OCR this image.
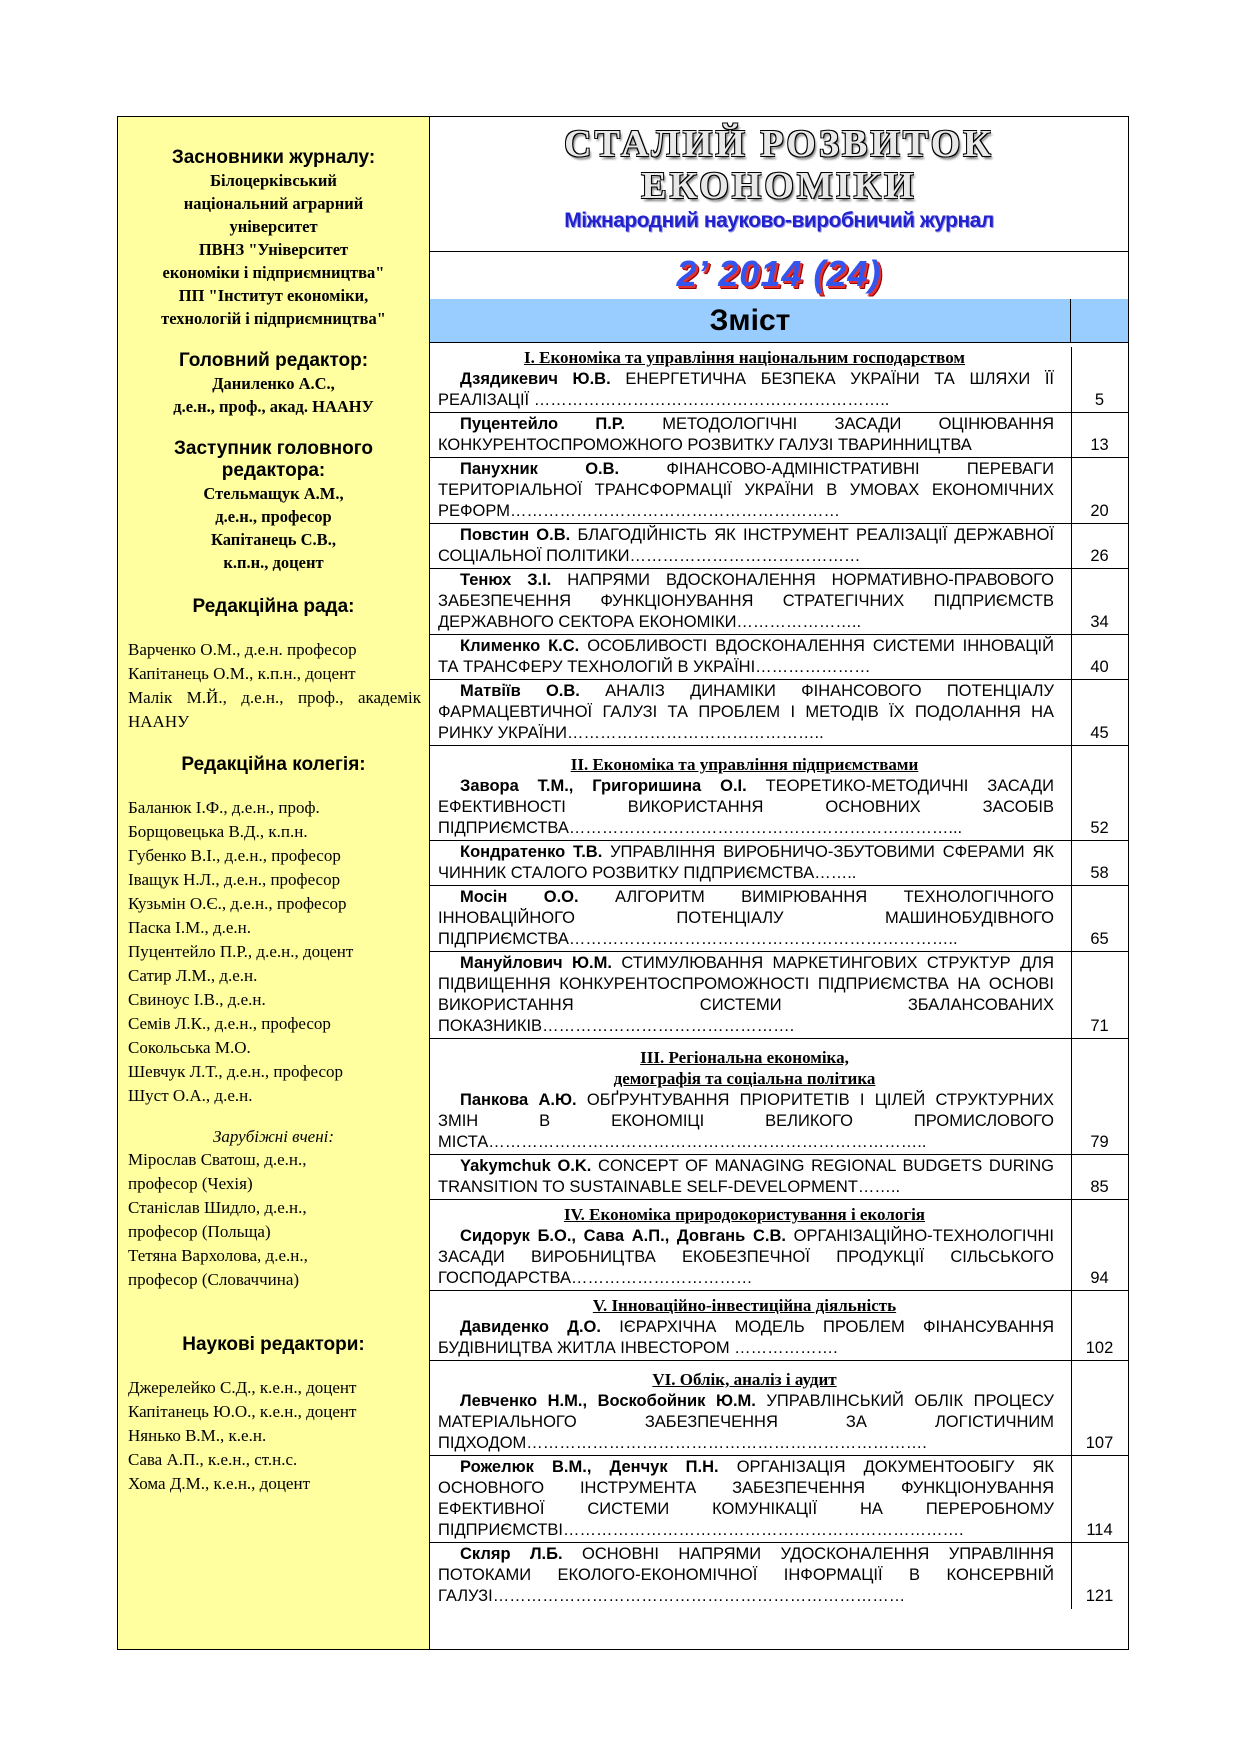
Засновники журналу:
Білоцерківський
національний аграрний
університет
ПВНЗ "Університет
економіки і підприємництва"
ПП "Інститут економіки,
технологій і підприємництва"
Головний редактор:
Даниленко А.С.,
д.е.н., проф., акад. НААНУ
Заступник головного редактора:
Стельмащук А.М.,
д.е.н., професор
Капітанець С.В.,
к.п.н., доцент
Редакційна рада:
Варченко О.М., д.е.н. професор
Капітанець О.М., к.п.н., доцент
Малік М.Й., д.е.н., проф., академік НААНУ
Редакційна колегія:
Баланюк І.Ф., д.е.н., проф.
Борщовецька В.Д., к.п.н.
Губенко В.І., д.е.н., професор
Іващук Н.Л., д.е.н., професор
Кузьмін О.Є., д.е.н., професор
Паска І.М., д.е.н.
Пуцентейло П.Р., д.е.н., доцент
Сатир Л.М., д.е.н.
Свиноус І.В., д.е.н.
Семів Л.К., д.е.н., професор
Сокольська М.О.
Шевчук Л.Т., д.е.н., професор
Шуст О.А., д.е.н.
Зарубіжні вчені:
Міроcлав Сватош, д.е.н.,
професор (Чехія)
Станіслав Шидло, д.е.н.,
професор (Польща)
Тетяна Вархолова, д.е.н.,
професор (Словаччина)
Наукові редактори:
Джерелейко С.Д., к.е.н., доцент
Капітанець Ю.О., к.е.н., доцент
Нянько В.М., к.е.н.
Сава А.П., к.е.н., ст.н.с.
Хома Д.М., к.е.н., доцент
СТАЛИЙ РОЗВИТОК
ЕКОНОМІКИ
Міжнародний науково-виробничий журнал
2’ 2014 (24)
Зміст
І. Економіка та управління національним господарством
Дзядикевич Ю.В. ЕНЕРГЕТИЧНА БЕЗПЕКА УКРАЇНИ ТА ШЛЯХИ ЇЇ РЕАЛІЗАЦІЇ ………………………………………………………..	5
Пуцентейло П.Р. МЕТОДОЛОГІЧНІ ЗАСАДИ ОЦІНЮВАННЯ КОНКУРЕНТОСПРОМОЖНОГО РОЗВИТКУ ГАЛУЗІ ТВАРИННИЦТВА	13
Панухник О.В. ФІНАНСОВО-АДМІНІСТРАТИВНІ ПЕРЕВАГИ ТЕРИТОРІАЛЬНОЇ ТРАНСФОРМАЦІЇ УКРАЇНИ В УМОВАХ ЕКОНОМІЧНИХ РЕФОРМ……………………………………………………	20
Повстин О.В. БЛАГОДІЙНІСТЬ ЯК ІНСТРУМЕНТ РЕАЛІЗАЦІЇ ДЕРЖАВНОЇ СОЦІАЛЬНОЇ ПОЛІТИКИ……………………………………	26
Тенюх З.І. НАПРЯМИ ВДОСКОНАЛЕННЯ НОРМАТИВНО-ПРАВОВОГО ЗАБЕЗПЕЧЕННЯ ФУНКЦІОНУВАННЯ СТРАТЕГІЧНИХ ПІДПРИЄМСТВ ДЕРЖАВНОГО СЕКТОРА ЕКОНОМІКИ…………………..	34
Клименко К.С. ОСОБЛИВОСТІ ВДОСКОНАЛЕННЯ СИСТЕМИ ІННОВАЦІЙ ТА ТРАНСФЕРУ ТЕХНОЛОГІЙ В УКРАЇНІ…………………	40
Матвіїв О.В. АНАЛІЗ ДИНАМІКИ ФІНАНСОВОГО ПОТЕНЦІАЛУ ФАРМАЦЕВТИЧНОЇ ГАЛУЗІ ТА ПРОБЛЕМ І МЕТОДІВ ЇХ ПОДОЛАННЯ НА РИНКУ УКРАЇНИ………………………………………..	45
ІІ. Економіка та управління підприємствами
Завора Т.М., Григоришина О.І. ТЕОРЕТИКО-МЕТОДИЧНІ ЗАСАДИ ЕФЕКТИВНОСТІ ВИКОРИСТАННЯ ОСНОВНИХ ЗАСОБІВ ПІДПРИЄМСТВА……………………………………………………………...	52
Кондратенко Т.В. УПРАВЛІННЯ ВИРОБНИЧО-ЗБУТОВИМИ СФЕРАМИ ЯК ЧИННИК СТАЛОГО РОЗВИТКУ ПІДПРИЄМСТВА……..	58
Мосін О.О. АЛГОРИТМ ВИМІРЮВАННЯ ТЕХНОЛОГІЧНОГО ІННОВАЦІЙНОГО ПОТЕНЦІАЛУ МАШИНОБУДІВНОГО ПІДПРИЄМСТВА……………………………………………………………..	65
Мануйлович Ю.М. СТИМУЛЮВАННЯ МАРКЕТИНГОВИХ СТРУКТУР ДЛЯ ПІДВИЩЕННЯ КОНКУРЕНТОСПРОМОЖНОСТІ ПІДПРИЄМСТВА НА ОСНОВІ ВИКОРИСТАННЯ СИСТЕМИ ЗБАЛАНСОВАНИХ ПОКАЗНИКІВ……………………………………….	71
ІІІ. Регіональна економіка,
демографія та соціальна політика
Панкова А.Ю. ОБҐРУНТУВАННЯ ПРІОРИТЕТІВ І ЦІЛЕЙ СТРУКТУРНИХ ЗМІН В ЕКОНОМІЦІ ВЕЛИКОГО ПРОМИСЛОВОГО МІСТА……………………………………………………………………..	79
Yakymchuk O.K. CONCEPT OF MANAGING REGIONAL BUDGETS DURING TRANSITION TO SUSTAINABLE SELF-DEVELOPMENT……..	85
ІV. Економіка природокористування і екологія
Сидорук Б.О., Сава А.П., Довгань С.В. ОРГАНІЗАЦІЙНО-ТЕХНОЛОГІЧНІ ЗАСАДИ ВИРОБНИЦТВА ЕКОБЕЗПЕЧНОЇ ПРОДУКЦІЇ СІЛЬСЬКОГО ГОСПОДАРСТВА……………………………	94
V. Інноваційно-інвестиційна діяльність
Давиденко Д.О. ІЄРАРХІЧНА МОДЕЛЬ ПРОБЛЕМ ФІНАНСУВАННЯ БУДІВНИЦТВА ЖИТЛА ІНВЕСТОРОМ ……………….	102
VІ. Облік, аналіз і аудит
Левченко Н.М., Воскобойник Ю.М. УПРАВЛІНСЬКИЙ ОБЛІК ПРОЦЕСУ МАТЕРІАЛЬНОГО ЗАБЕЗПЕЧЕННЯ ЗА ЛОГІСТИЧНИМ ПІДХОДОМ……………………………………………………………….	107
Рожелюк В.М., Денчук П.Н. ОРГАНІЗАЦІЯ ДОКУМЕНТООБІГУ ЯК ОСНОВНОГО ІНСТРУМЕНТА ЗАБЕЗПЕЧЕННЯ ФУНКЦІОНУВАННЯ ЕФЕКТИВНОЇ СИСТЕМИ КОМУНІКАЦІЇ НА ПЕРЕРОБНОМУ ПІДПРИЄМСТВІ……………………………………………………………….	114
Скляр Л.Б. ОСНОВНІ НАПРЯМИ УДОСКОНАЛЕННЯ УПРАВЛІННЯ ПОТОКАМИ ЕКОЛОГО-ЕКОНОМІЧНОЇ ІНФОРМАЦІЇ В КОНСЕРВНІЙ ГАЛУЗІ…………………………………………………………………	121
